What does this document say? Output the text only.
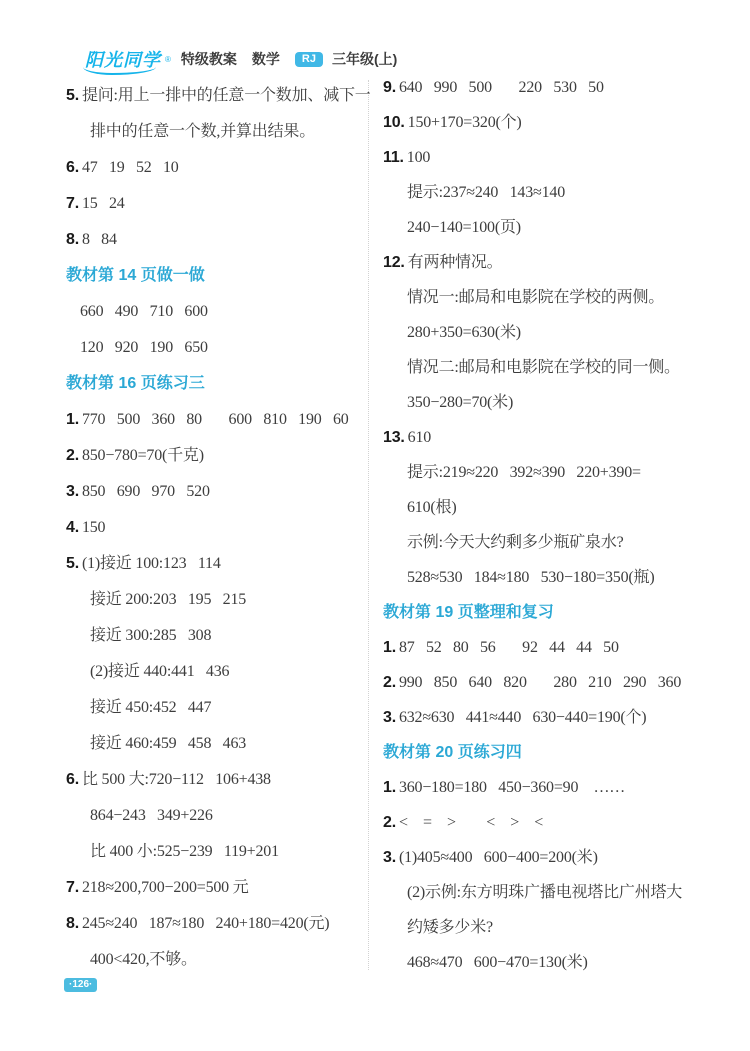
阳光同学 ® 特级教案 数学	RJ	三年级(上)
5. 提问:用上一排中的任意一个数加、减下一
排中的任意一个数,并算出结果。
6. 47   19   52   10
7. 15   24
8. 8   84
教材第 14 页做一做
660   490   710   600
120   920   190   650
教材第 16 页练习三
1. 770   500   360   80       600   810   190   60
2. 850−780=70(千克)
3. 850   690   970   520
4. 150
5. (1)接近 100:123   114
接近 200:203   195   215
接近 300:285   308
(2)接近 440:441   436
接近 450:452   447
接近 460:459   458   463
6. 比 500 大:720−112   106+438
864−243   349+226
比 400 小:525−239   119+201
7. 218≈200,700−200=500 元
8. 245≈240   187≈180   240+180=420(元)
400<420,不够。
9. 640   990   500       220   530   50
10. 150+170=320(个)
11. 100
提示:237≈240   143≈140
240−140=100(页)
12. 有两种情况。
情况一:邮局和电影院在学校的两侧。
280+350=630(米)
情况二:邮局和电影院在学校的同一侧。
350−280=70(米)
13. 610
提示:219≈220   392≈390   220+390=
610(根)
示例:今天大约剩多少瓶矿泉水?
528≈530   184≈180   530−180=350(瓶)
教材第 19 页整理和复习
1. 87   52   80   56       92   44   44   50
2. 990   850   640   820       280   210   290   360
3. 632≈630   441≈440   630−440=190(个)
教材第 20 页练习四
1. 360−180=180   450−360=90    ……
2. <    =    >        <    >    <
3. (1)405≈400   600−400=200(米)
(2)示例:东方明珠广播电视塔比广州塔大
约矮多少米?
468≈470   600−470=130(米)
·126·
